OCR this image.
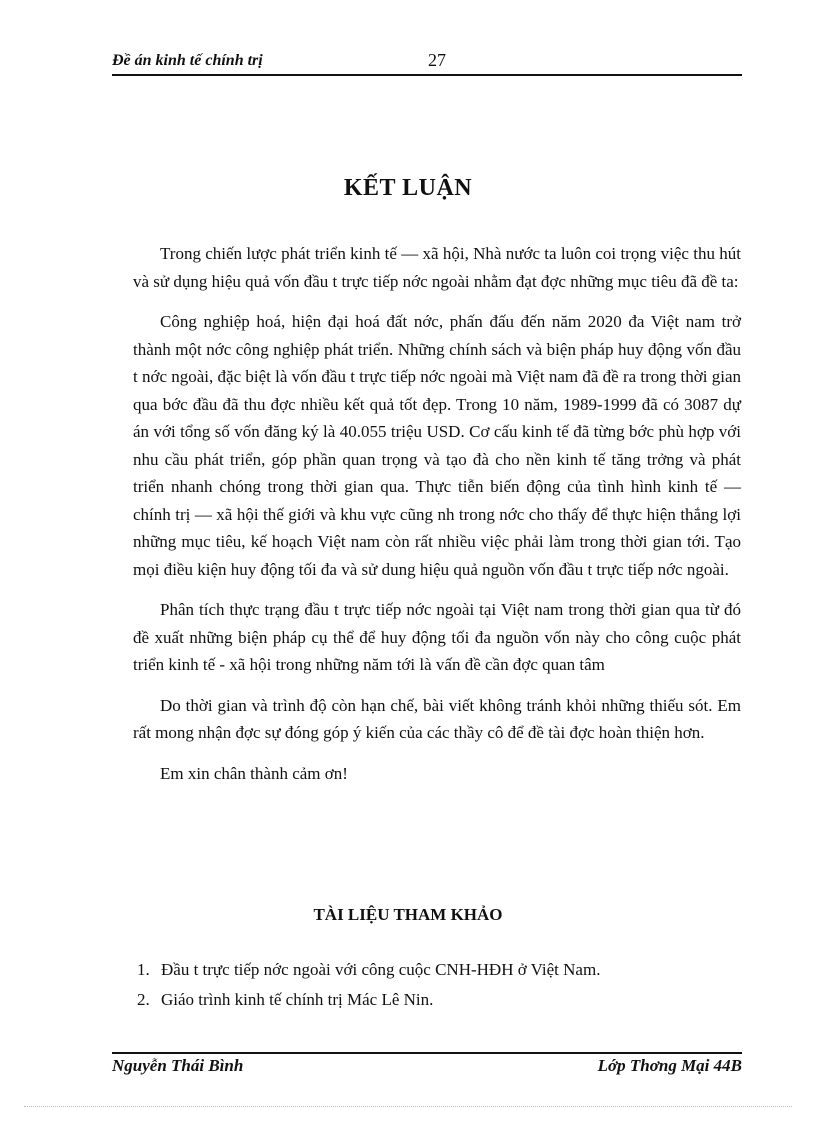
Đề án kinh tế chính trị	27
KẾT LUẬN

Trong chiến lược phát triển kinh tế — xã hội, Nhà nước ta luôn coi trọng việc thu hút và sử dụng hiệu quả vốn đầu t trực tiếp nớc ngoài nhằm đạt đợc những mục tiêu đã đề ta:

Công nghiệp hoá, hiện đại hoá đất nớc, phấn đấu đến năm 2020 đa Việt nam trở thành một nớc công nghiệp phát triển. Những chính sách và biện pháp huy động vốn đầu t nớc ngoài, đặc biệt là vốn đầu t trực tiếp nớc ngoài mà Việt nam đã đề ra trong thời gian qua bớc đầu đã thu đợc nhiều kết quả tốt đẹp. Trong 10 năm, 1989-1999 đã có 3087 dự án với tổng số vốn đăng ký là 40.055 triệu USD. Cơ cấu kinh tế đã từng bớc phù hợp với nhu cầu phát triển, góp phần quan trọng và tạo đà cho nền kinh tế tăng trởng và phát triển nhanh chóng trong thời gian qua. Thực tiễn biến động của tình hình kinh tế — chính trị — xã hội thế giới và khu vực cũng nh trong nớc cho thấy để thực hiện thắng lợi những mục tiêu, kế hoạch Việt nam còn rất nhiều việc phải làm trong thời gian tới. Tạo mọi điều kiện huy động tối đa và sử dung hiệu quả nguồn vốn đầu t trực tiếp nớc ngoài.

Phân tích thực trạng đầu t trực tiếp nớc ngoài tại Việt nam trong thời gian qua từ đó đề xuất những biện pháp cụ thể để huy động tối đa nguồn vốn này cho công cuộc phát triển kinh tế - xã hội trong những năm tới là vấn đề cần đợc quan tâm

Do thời gian và trình độ còn hạn chế, bài viết không tránh khỏi những thiếu sót. Em rất mong nhận đợc sự đóng góp ý kiến của các thầy cô để đề tài đợc hoàn thiện hơn.

Em xin chân thành cảm ơn!

TÀI LIỆU THAM KHẢO
1. Đầu t trực tiếp nớc ngoài với công cuộc CNH-HĐH ở Việt Nam.
2. Giáo trình kinh tế chính trị Mác Lê Nin.
Nguyễn Thái Bình	Lớp Thơng Mại 44B
